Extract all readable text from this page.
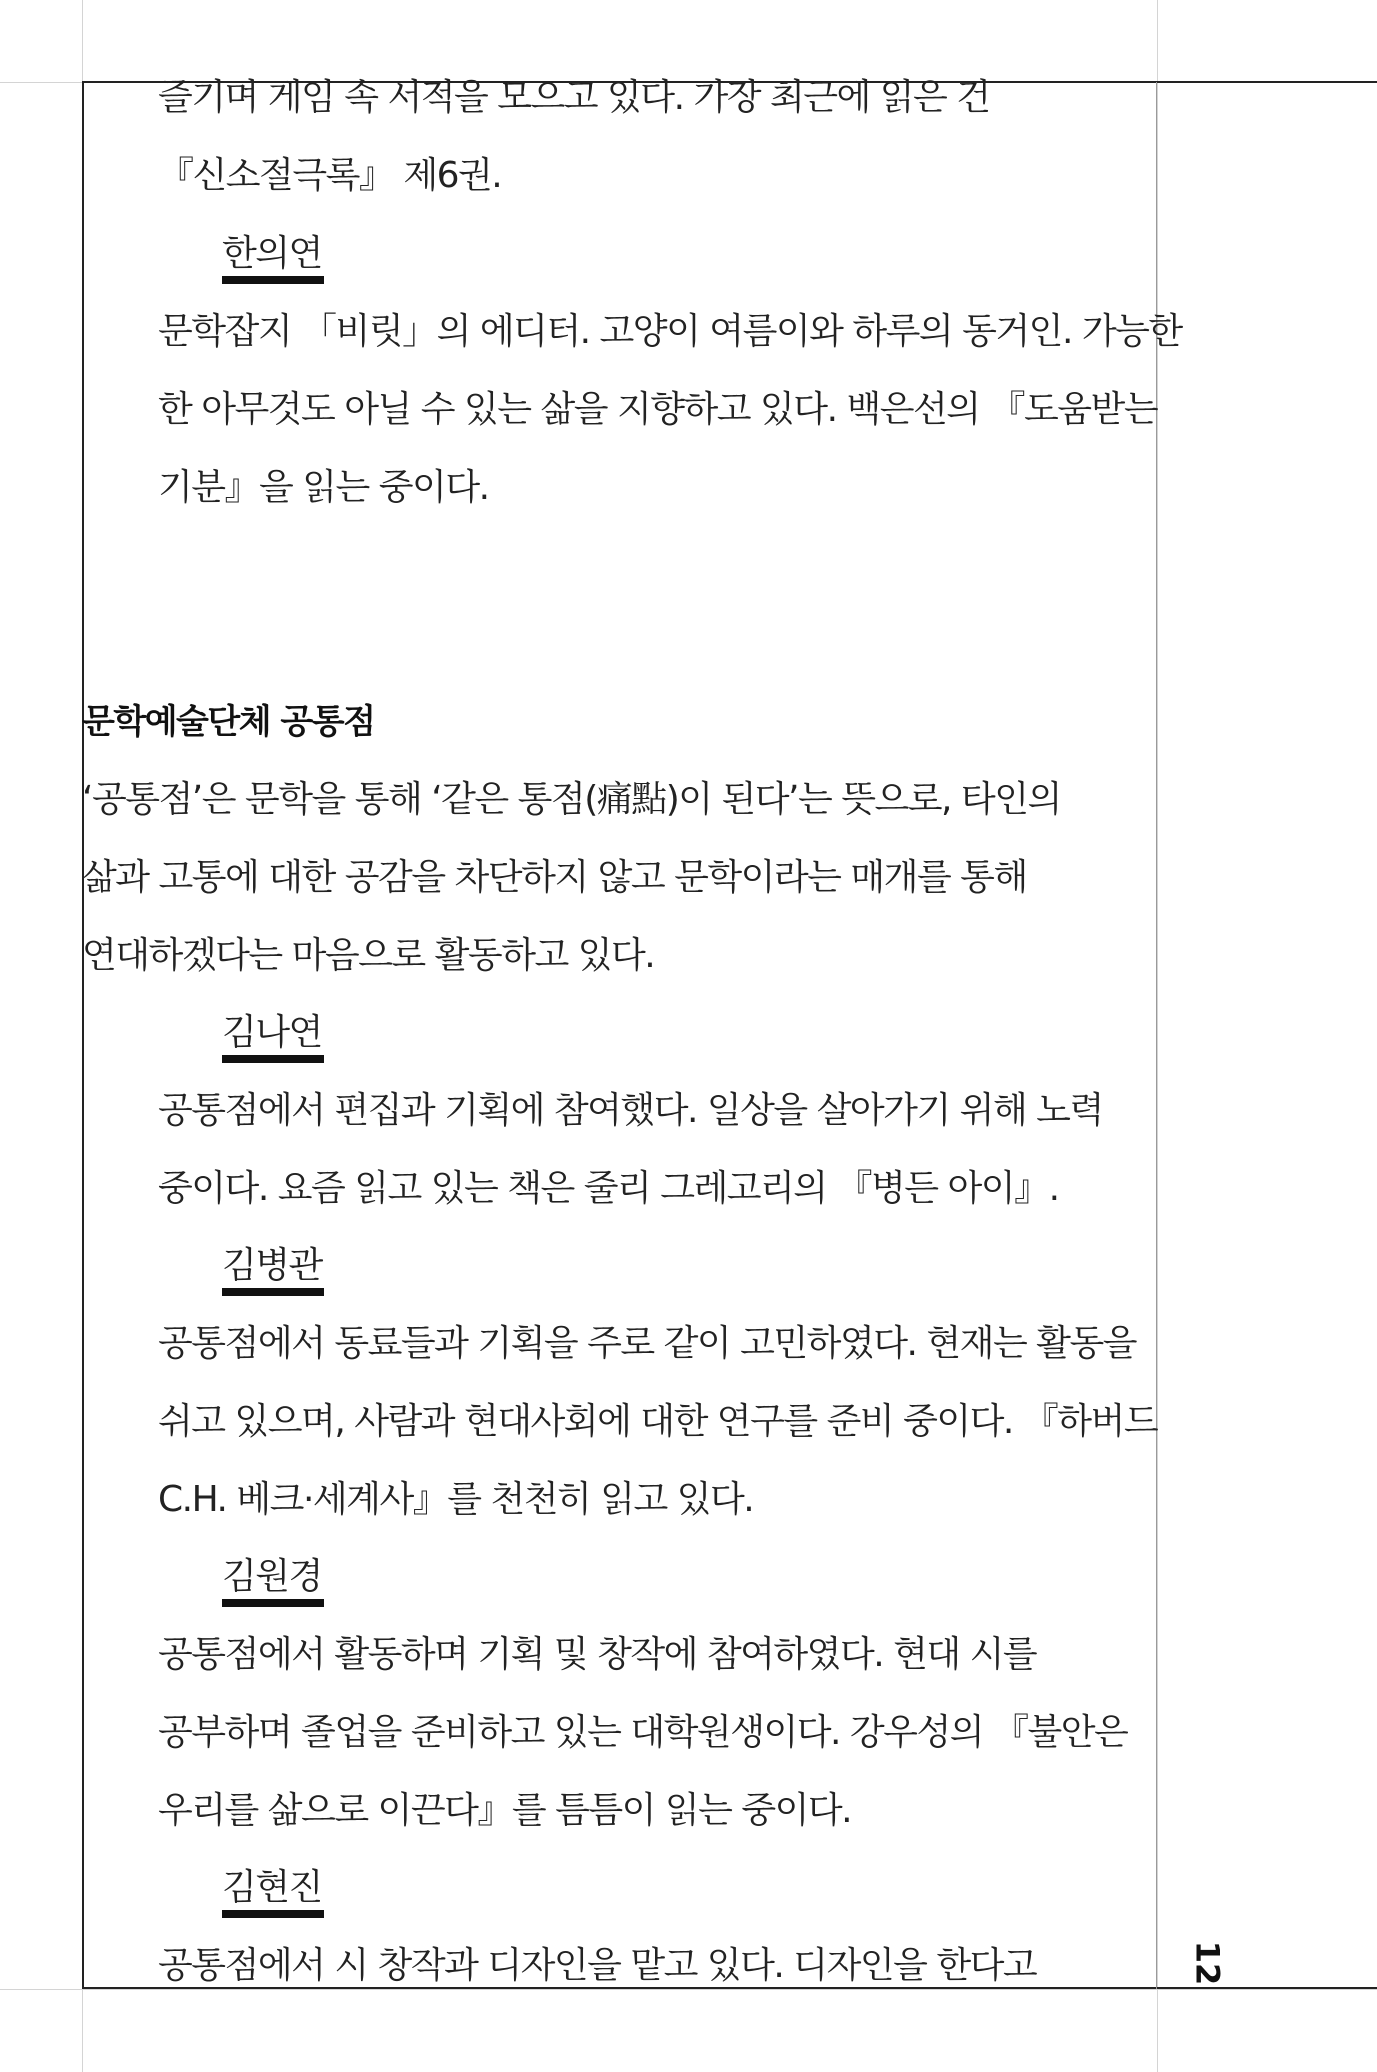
즐기며 게임 속 서적을 모으고 있다. 가장 최근에 읽은 건
『신소절극록』 제6권.
한의연
문학잡지 「비릿」의 에디터. 고양이 여름이와 하루의 동거인. 가능한
한 아무것도 아닐 수 있는 삶을 지향하고 있다. 백은선의 『도움받는
기분』을 읽는 중이다.
문학예술단체 공통점
‘공통점’은 문학을 통해 ‘같은 통점(痛點)이 된다’는 뜻으로, 타인의
삶과 고통에 대한 공감을 차단하지 않고 문학이라는 매개를 통해
연대하겠다는 마음으로 활동하고 있다.
김나연
공통점에서 편집과 기획에 참여했다. 일상을 살아가기 위해 노력
중이다. 요즘 읽고 있는 책은 줄리 그레고리의 『병든 아이』.
김병관
공통점에서 동료들과 기획을 주로 같이 고민하였다. 현재는 활동을
쉬고 있으며, 사람과 현대사회에 대한 연구를 준비 중이다. 『하버드
C.H. 베크·세계사』를 천천히 읽고 있다.
김원경
공통점에서 활동하며 기획 및 창작에 참여하였다. 현대 시를
공부하며 졸업을 준비하고 있는 대학원생이다. 강우성의 『불안은
우리를 삶으로 이끈다』를 틈틈이 읽는 중이다.
김현진
공통점에서 시 창작과 디자인을 맡고 있다. 디자인을 한다고	12
